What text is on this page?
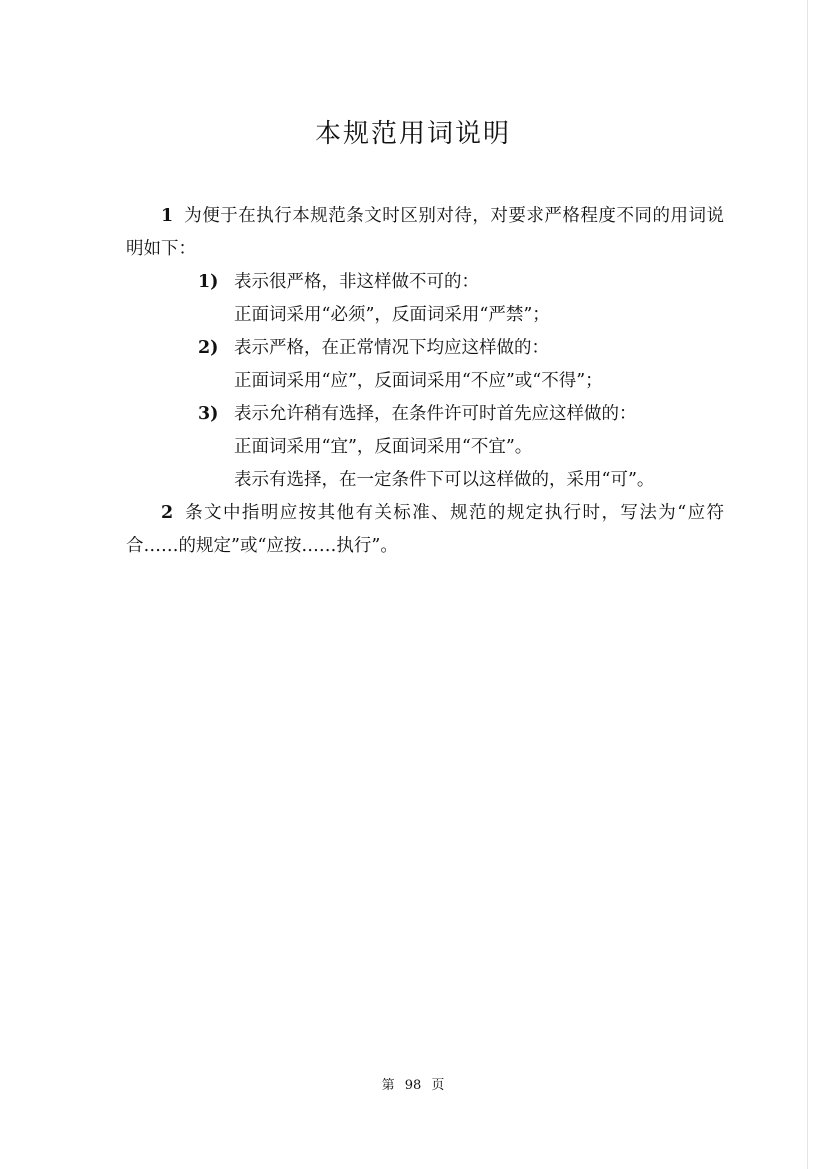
本规范用词说明

1 为便于在执行本规范条文时区别对待，对要求严格程度不同的用词说明如下：

1) 表示很严格，非这样做不可的：

正面词采用“必须”，反面词采用“严禁”；

2) 表示严格，在正常情况下均应这样做的：

正面词采用“应”，反面词采用“不应”或“不得”；

3) 表示允许稍有选择，在条件许可时首先应这样做的：

正面词采用“宜”，反面词采用“不宜”。

表示有选择，在一定条件下可以这样做的，采用“可”。

2 条文中指明应按其他有关标准、规范的规定执行时，写法为“应符合……的规定”或“应按……执行”。

第 98 页
